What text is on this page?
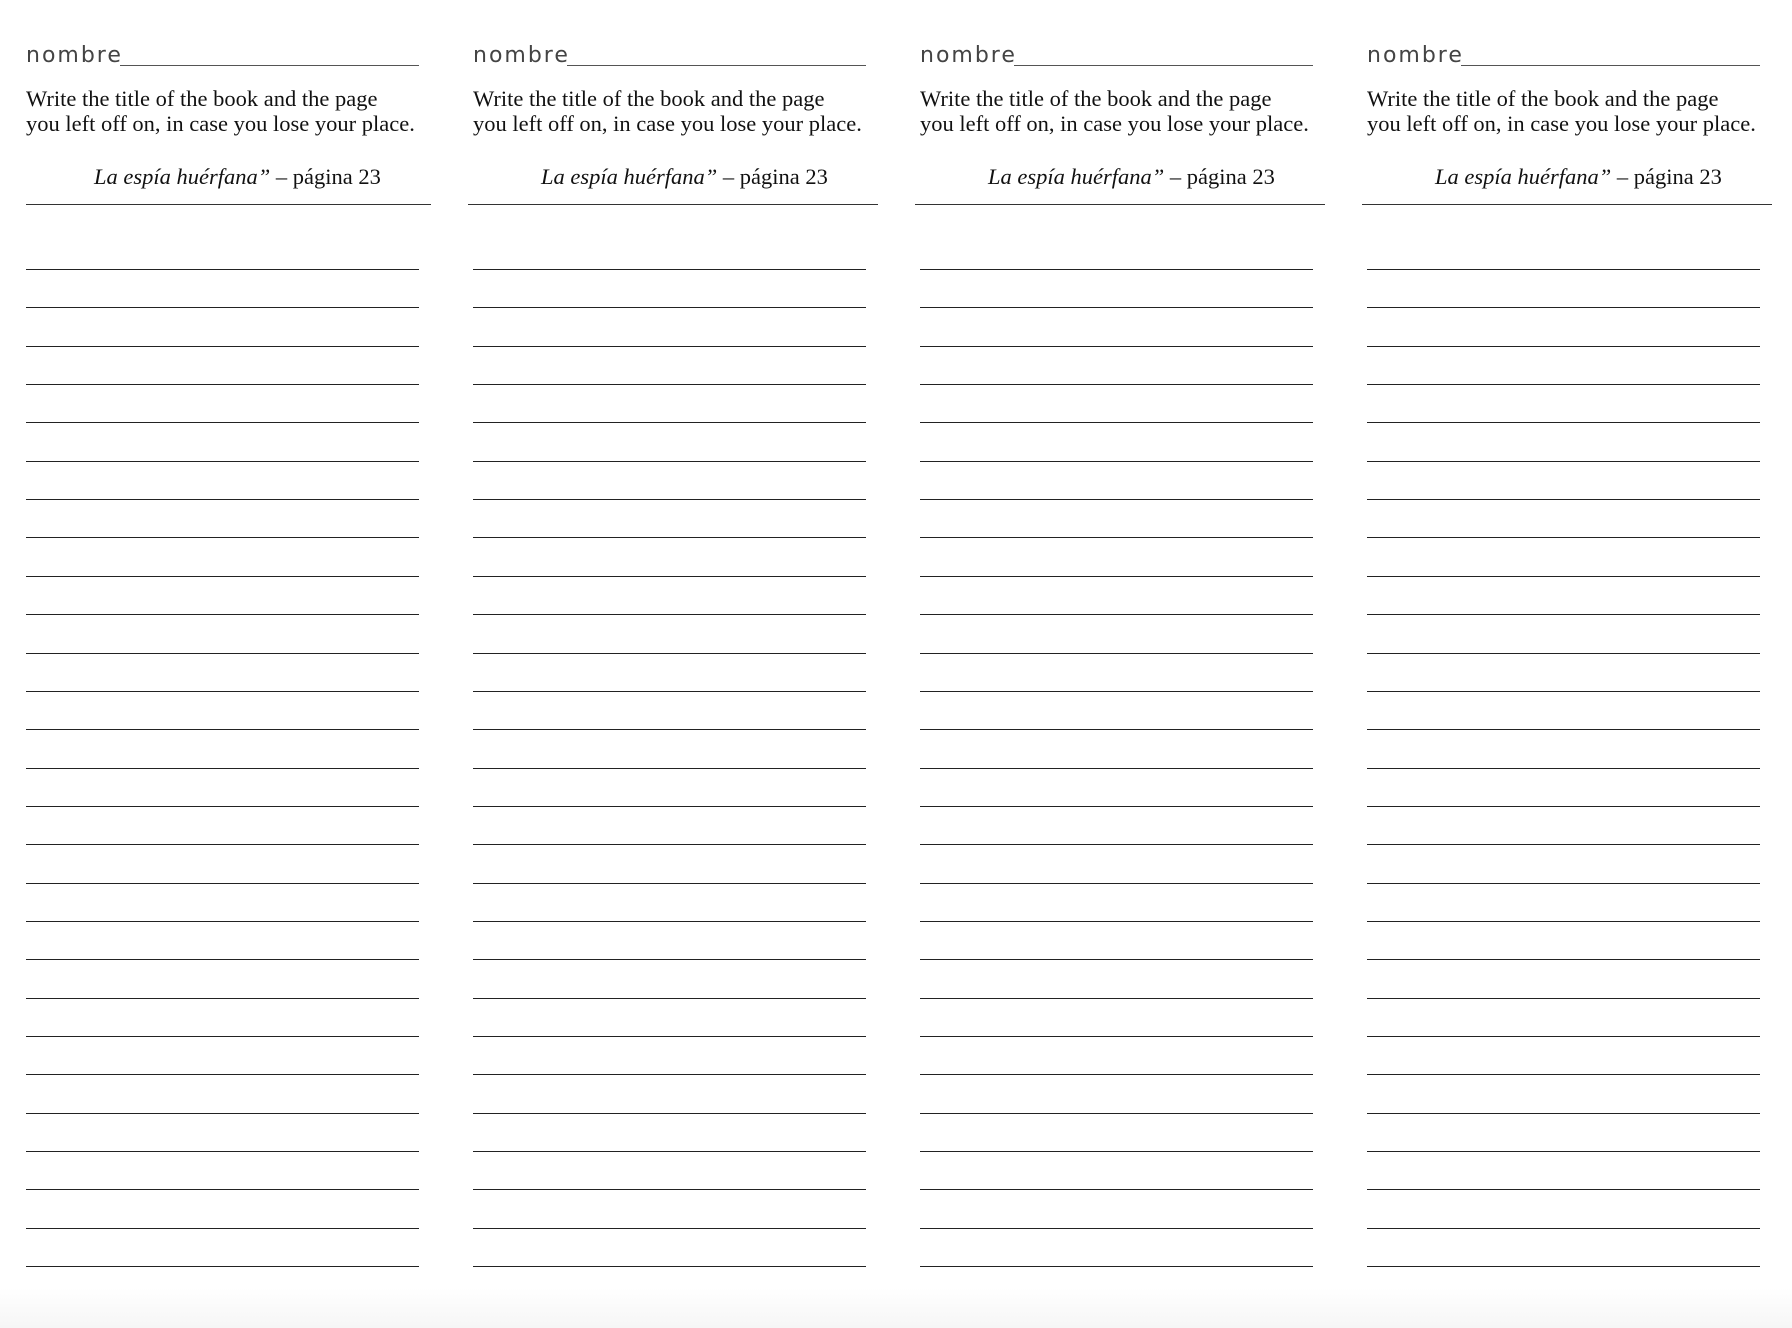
nombre
Write the title of the book and the page
you left off on, in case you lose your place.
La espía huérfana” – página 23
nombre
Write the title of the book and the page
you left off on, in case you lose your place.
La espía huérfana” – página 23
nombre
Write the title of the book and the page
you left off on, in case you lose your place.
La espía huérfana” – página 23
nombre
Write the title of the book and the page
you left off on, in case you lose your place.
La espía huérfana” – página 23
